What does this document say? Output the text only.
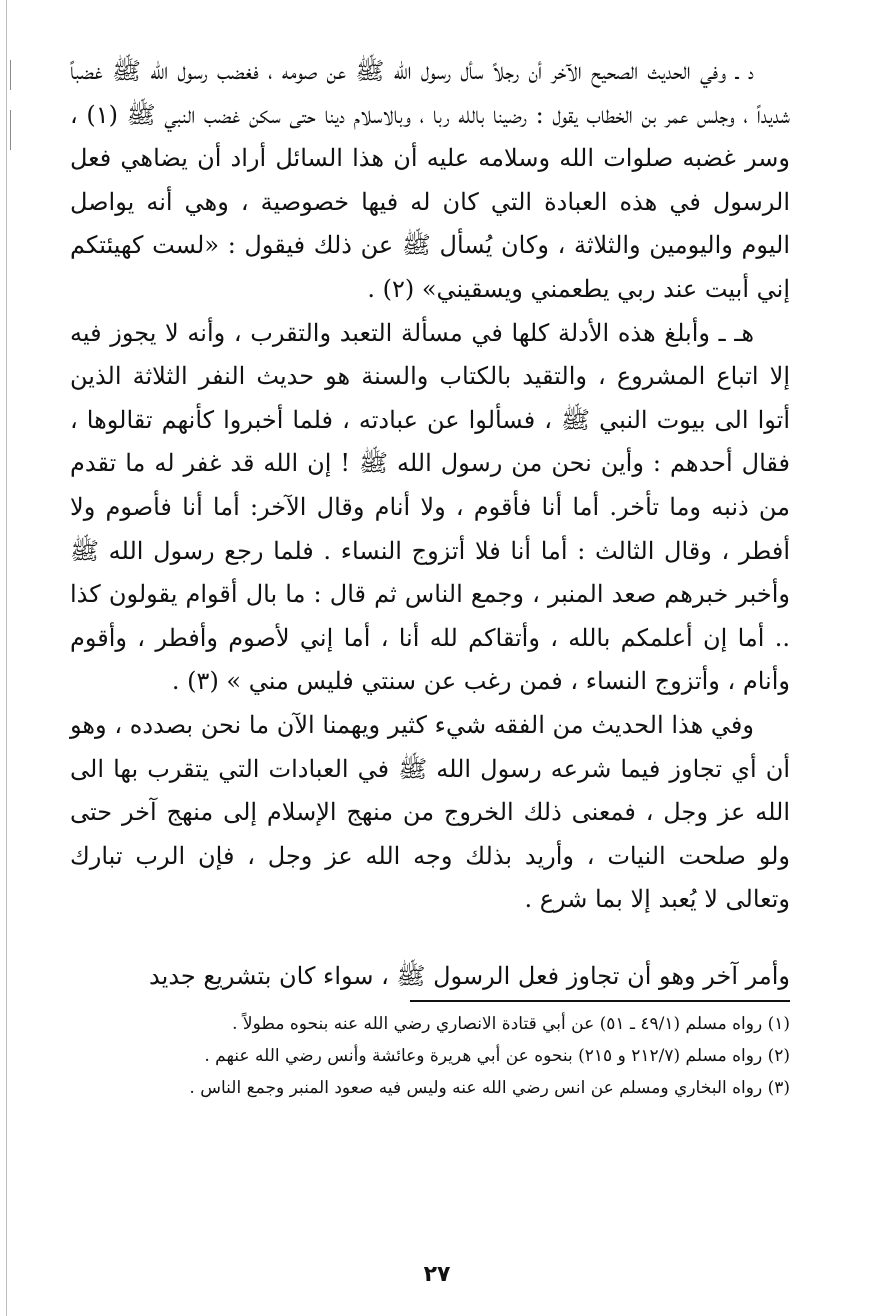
د ـ وفي الحديث الصحيح الآخر أن رجلاً سأل رسول الله ﷺ عن صومه ، فغضب رسول الله ﷺ غضباً شديداً ، وجلس عمر بن الخطاب يقول : رضينا بالله ربا ، وبالاسلام دينا حتى سكن غضب النبي ﷺ (١) ، وسر غضبه صلوات الله وسلامه عليه أن هذا السائل أراد أن يضاهي فعل الرسول في هذه العبادة التي كان له فيها خصوصية ، وهي أنه يواصل اليوم واليومين والثلاثة ، وكان يُسأل ﷺ عن ذلك فيقول : «لست كهيئتكم إني أبيت عند ربي يطعمني ويسقيني» (٢) .

هـ ـ وأبلغ هذه الأدلة كلها في مسألة التعبد والتقرب ، وأنه لا يجوز فيه إلا اتباع المشروع ، والتقيد بالكتاب والسنة هو حديث النفر الثلاثة الذين أتوا الى بيوت النبي ﷺ ، فسألوا عن عبادته ، فلما أخبروا كأنهم تقالوها ، فقال أحدهم : وأين نحن من رسول الله ﷺ ! إن الله قد غفر له ما تقدم من ذنبه وما تأخر. أما أنا فأقوم ، ولا أنام وقال الآخر: أما أنا فأصوم ولا أفطر ، وقال الثالث : أما أنا فلا أتزوج النساء . فلما رجع رسول الله ﷺ وأخبر خبرهم صعد المنبر ، وجمع الناس ثم قال : ما بال أقوام يقولون كذا .. أما إن أعلمكم بالله ، وأتقاكم لله أنا ، أما إني لأصوم وأفطر ، وأقوم وأنام ، وأتزوج النساء ، فمن رغب عن سنتي فليس مني » (٣) .

وفي هذا الحديث من الفقه شيء كثير ويهمنا الآن ما نحن بصدده ، وهو أن أي تجاوز فيما شرعه رسول الله ﷺ في العبادات التي يتقرب بها الى الله عز وجل ، فمعنى ذلك الخروج من منهج الإسلام إلى منهج آخر حتى ولو صلحت النيات ، وأريد بذلك وجه الله عز وجل ، فإن الرب تبارك وتعالى لا يُعبد إلا بما شرع .

وأمر آخر وهو أن تجاوز فعل الرسول ﷺ ، سواء كان بتشريع جديد

(١) رواه مسلم (٤٩/١ ـ ٥١) عن أبي قتادة الانصاري رضي الله عنه بنحوه مطولاً .

(٢) رواه مسلم (٢١٢/٧ و ٢١٥) بنحوه عن أبي هريرة وعائشة وأنس رضي الله عنهم .

(٣) رواه البخاري ومسلم عن انس رضي الله عنه وليس فيه صعود المنبر وجمع الناس .

٢٧
